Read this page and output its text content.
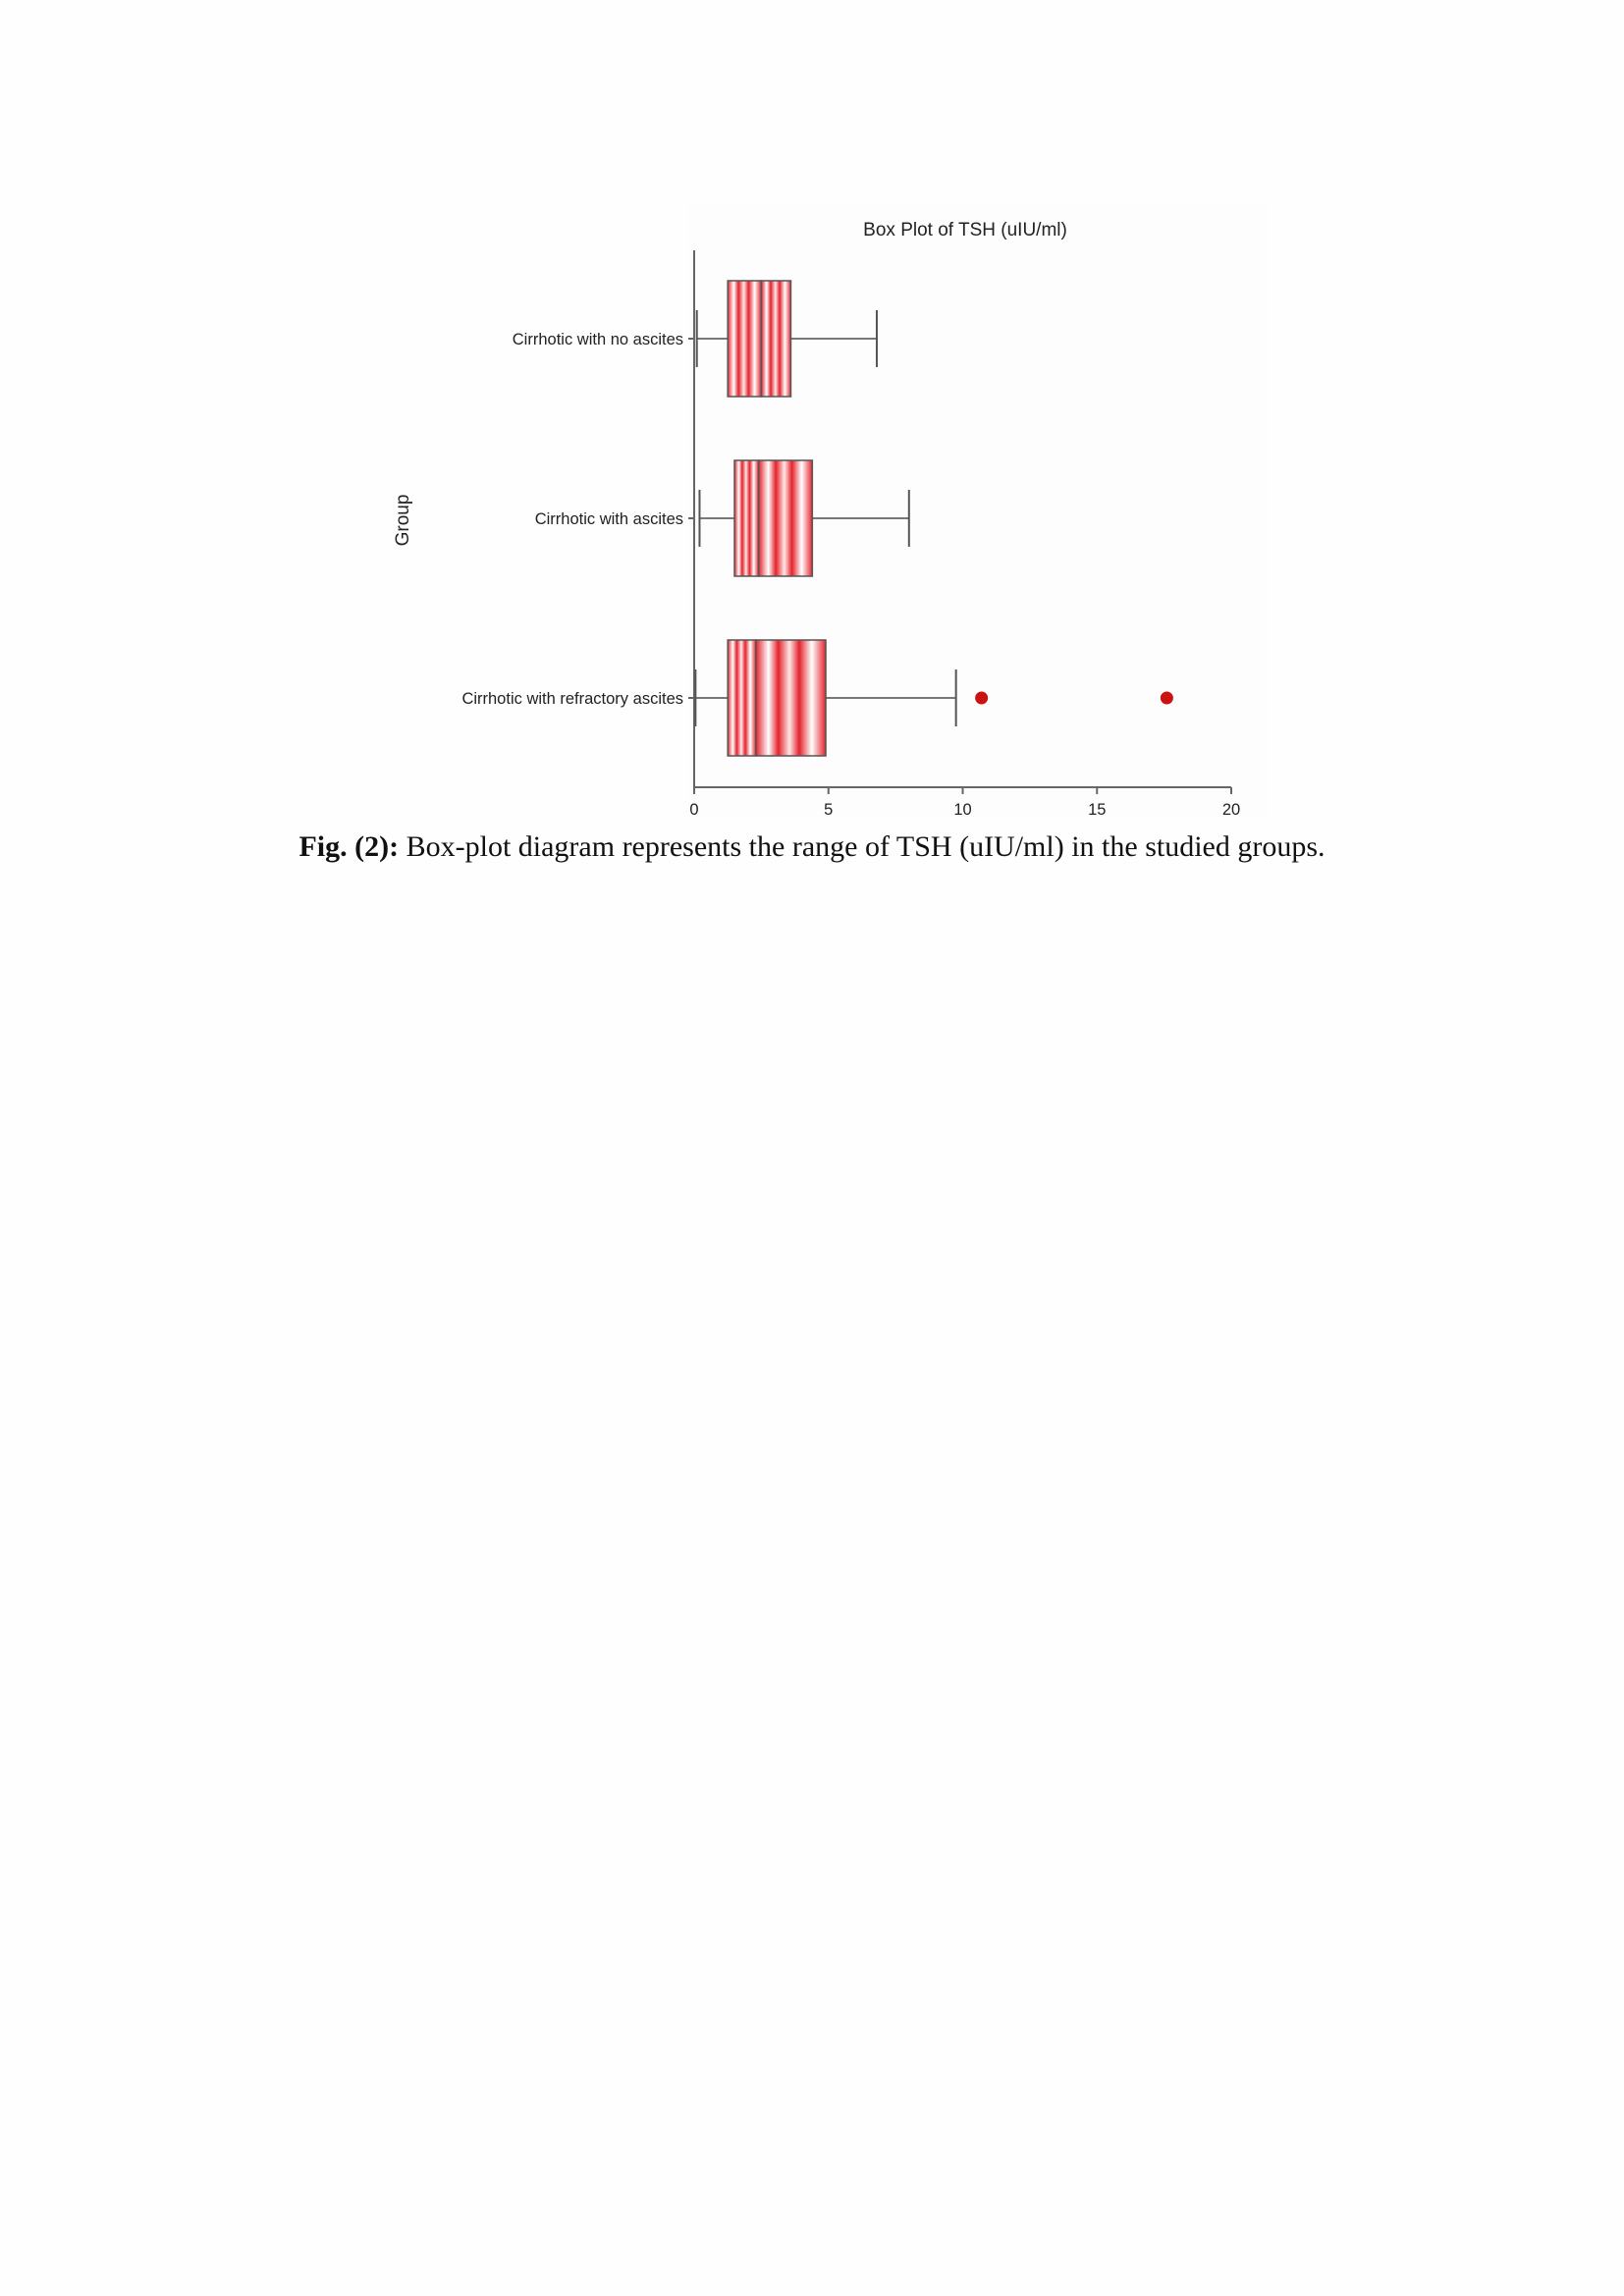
Box Plot of TSH (uIU/ml)
Group
0	5	10	15	20
Cirrhotic with no ascites
Cirrhotic with ascites
Cirrhotic with refractory ascites

Fig. (2): Box-plot diagram represents the range of TSH (uIU/ml) in the studied groups.
